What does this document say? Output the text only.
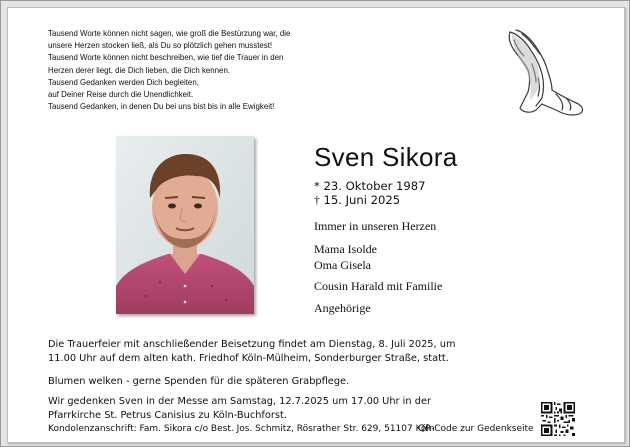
Tausend Worte können nicht sagen, wie groß die Bestürzung war, die
unsere Herzen stocken ließ, als Du so plötzlich gehen musstest!
Tausend Worte können nicht beschreiben, wie tief die Trauer in den
Herzen derer liegt, die Dich lieben, die Dich kennen.
Tausend Gedanken werden Dich begleiten,
auf Deiner Reise durch die Unendlichkeit.
Tausend Gedanken, in denen Du bei uns bist bis in alle Ewigkeit!
Sven Sikora
* 23. Oktober 1987
† 15. Juni 2025
Immer in unseren Herzen
Mama Isolde
Oma Gisela
Cousin Harald mit Familie
Angehörige
Die Trauerfeier mit anschließender Beisetzung findet am Dienstag, 8. Juli 2025, um
11.00 Uhr auf dem alten kath. Friedhof Köln-Mülheim, Sonderburger Straße, statt.
Blumen welken - gerne Spenden für die späteren Grabpflege.
Wir gedenken Sven in der Messe am Samstag, 12.7.2025 um 17.00 Uhr in der
Pfarrkirche St. Petrus Canisius zu Köln-Buchforst.
Kondolenzanschrift: Fam. Sikora c/o Best. Jos. Schmitz, Rösrather Str. 629, 51107 Köln
QR-Code zur Gedenkseite
